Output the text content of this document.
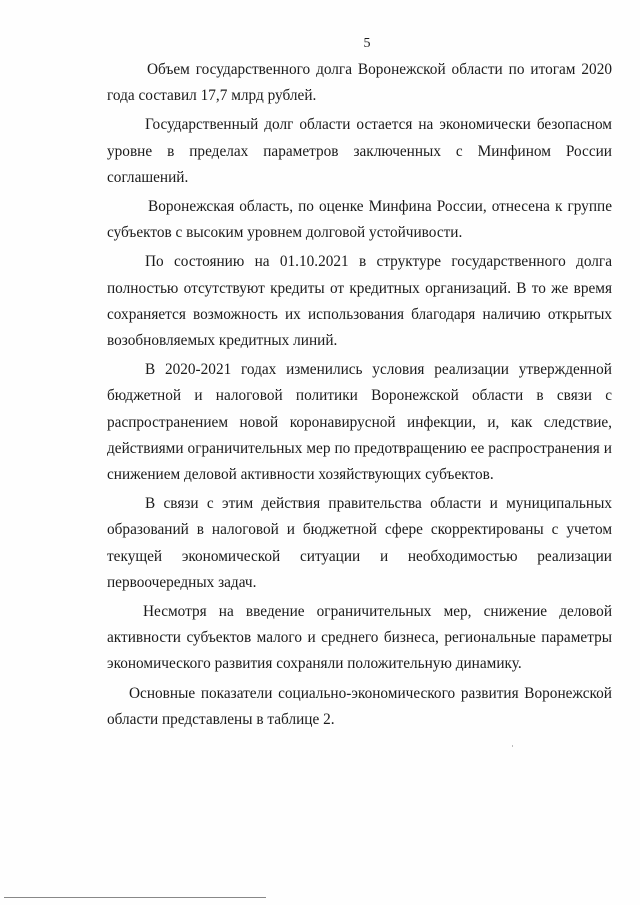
5

Объем государственного долга Воронежской области по итогам 2020 года составил 17,7 млрд рублей.

Государственный долг области остается на экономически безопасном уровне в пределах параметров заключенных с Минфином России соглашений.

Воронежская область, по оценке Минфина России, отнесена к группе субъектов с высоким уровнем долговой устойчивости.

По состоянию на 01.10.2021 в структуре государственного долга полностью отсутствуют кредиты от кредитных организаций. В то же время сохраняется возможность их использования благодаря наличию открытых возобновляемых кредитных линий.

В 2020-2021 годах изменились условия реализации утвержденной бюджетной и налоговой политики Воронежской области в связи с распространением новой коронавирусной инфекции, и, как следствие, действиями ограничительных мер по предотвращению ее распространения и снижением деловой активности хозяйствующих субъектов.

В связи с этим действия правительства области и муниципальных образований в налоговой и бюджетной сфере скорректированы с учетом текущей экономической ситуации и необходимостью реализации первоочередных задач.

Несмотря на введение ограничительных мер, снижение деловой активности субъектов малого и среднего бизнеса, региональные параметры экономического развития сохраняли положительную динамику.

Основные показатели социально-экономического развития Воронежской области представлены в таблице 2.
